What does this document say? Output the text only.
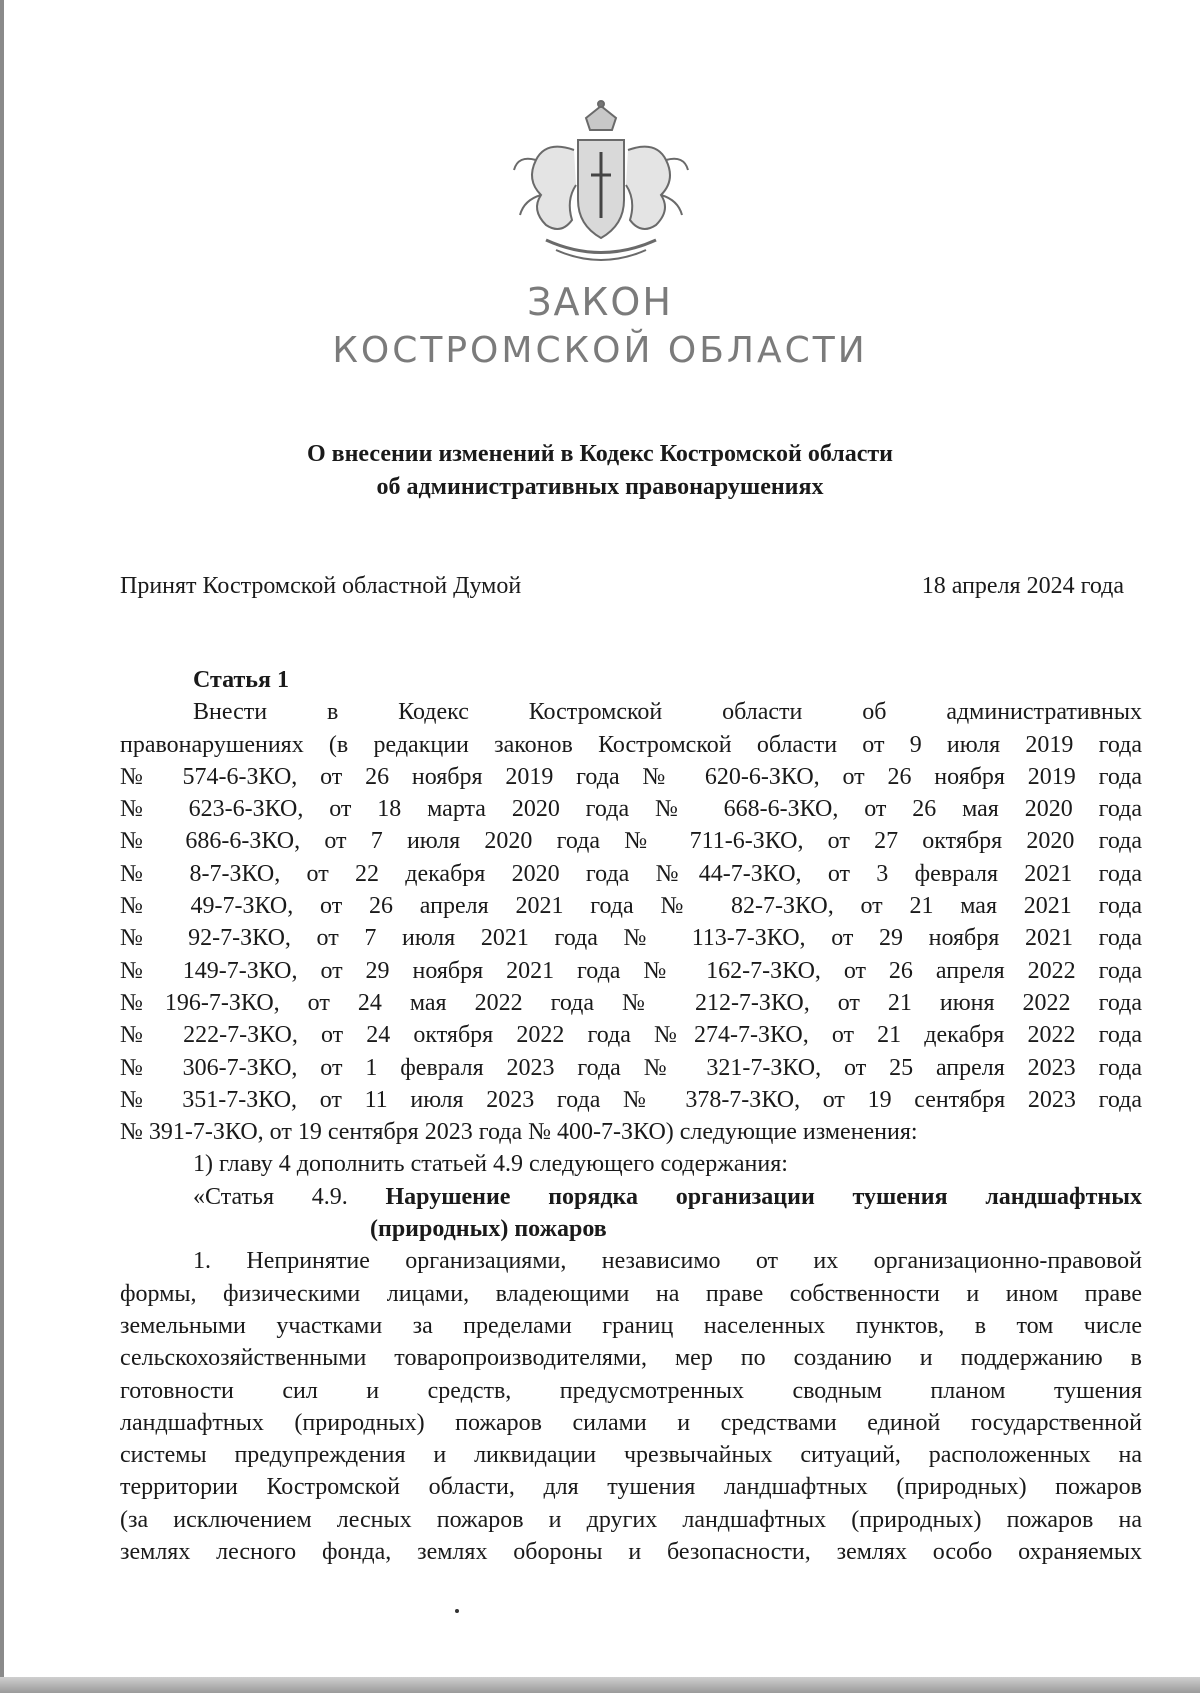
ЗАКОН
КОСТРОМСКОЙ ОБЛАСТИ
О внесении изменений в Кодекс Костромской области
об административных правонарушениях
Принят Костромской областной Думой	18 апреля 2024 года

Статья 1

Внести в Кодекс Костромской области об административных

правонарушениях (в редакции законов Костромской области от 9 июля 2019 года

№ 574-6-ЗКО, от 26 ноября 2019 года № 620-6-ЗКО, от 26 ноября 2019 года

№ 623-6-ЗКО, от 18 марта 2020 года № 668-6-ЗКО, от 26 мая 2020 года

№ 686-6-ЗКО, от 7 июля 2020 года № 711-6-ЗКО, от 27 октября 2020 года

№ 8-7-ЗКО, от 22 декабря 2020 года №44-7-ЗКО, от 3 февраля 2021 года

№ 49-7-ЗКО, от 26 апреля 2021 года № 82-7-ЗКО, от 21 мая 2021 года

№ 92-7-ЗКО, от 7 июля 2021 года № 113-7-ЗКО, от 29 ноября 2021 года

№ 149-7-ЗКО, от 29 ноября 2021 года № 162-7-ЗКО, от 26 апреля 2022 года

№196-7-ЗКО, от 24 мая 2022 года № 212-7-ЗКО, от 21 июня 2022 года

№ 222-7-ЗКО, от 24 октября 2022 года №274-7-ЗКО, от 21 декабря 2022 года

№ 306-7-ЗКО, от 1 февраля 2023 года № 321-7-ЗКО, от 25 апреля 2023 года

№ 351-7-ЗКО, от 11 июля 2023 года № 378-7-ЗКО, от 19 сентября 2023 года

№ 391-7-ЗКО, от 19 сентября 2023 года № 400-7-ЗКО) следующие изменения:

1) главу 4 дополнить статьей 4.9 следующего содержания:

«Статья 4.9. Нарушение порядка организации тушения ландшафтных
(природных) пожаров

1. Непринятие организациями, независимо от их организационно-правовой

формы, физическими лицами, владеющими на праве собственности и ином праве

земельными участками за пределами границ населенных пунктов, в том числе

сельскохозяйственными товаропроизводителями, мер по созданию и поддержанию в

готовности сил и средств, предусмотренных сводным планом тушения

ландшафтных (природных) пожаров силами и средствами единой государственной

системы предупреждения и ликвидации чрезвычайных ситуаций, расположенных на

территории Костромской области, для тушения ландшафтных (природных) пожаров

(за исключением лесных пожаров и других ландшафтных (природных) пожаров на

землях лесного фонда, землях обороны и безопасности, землях особо охраняемых
